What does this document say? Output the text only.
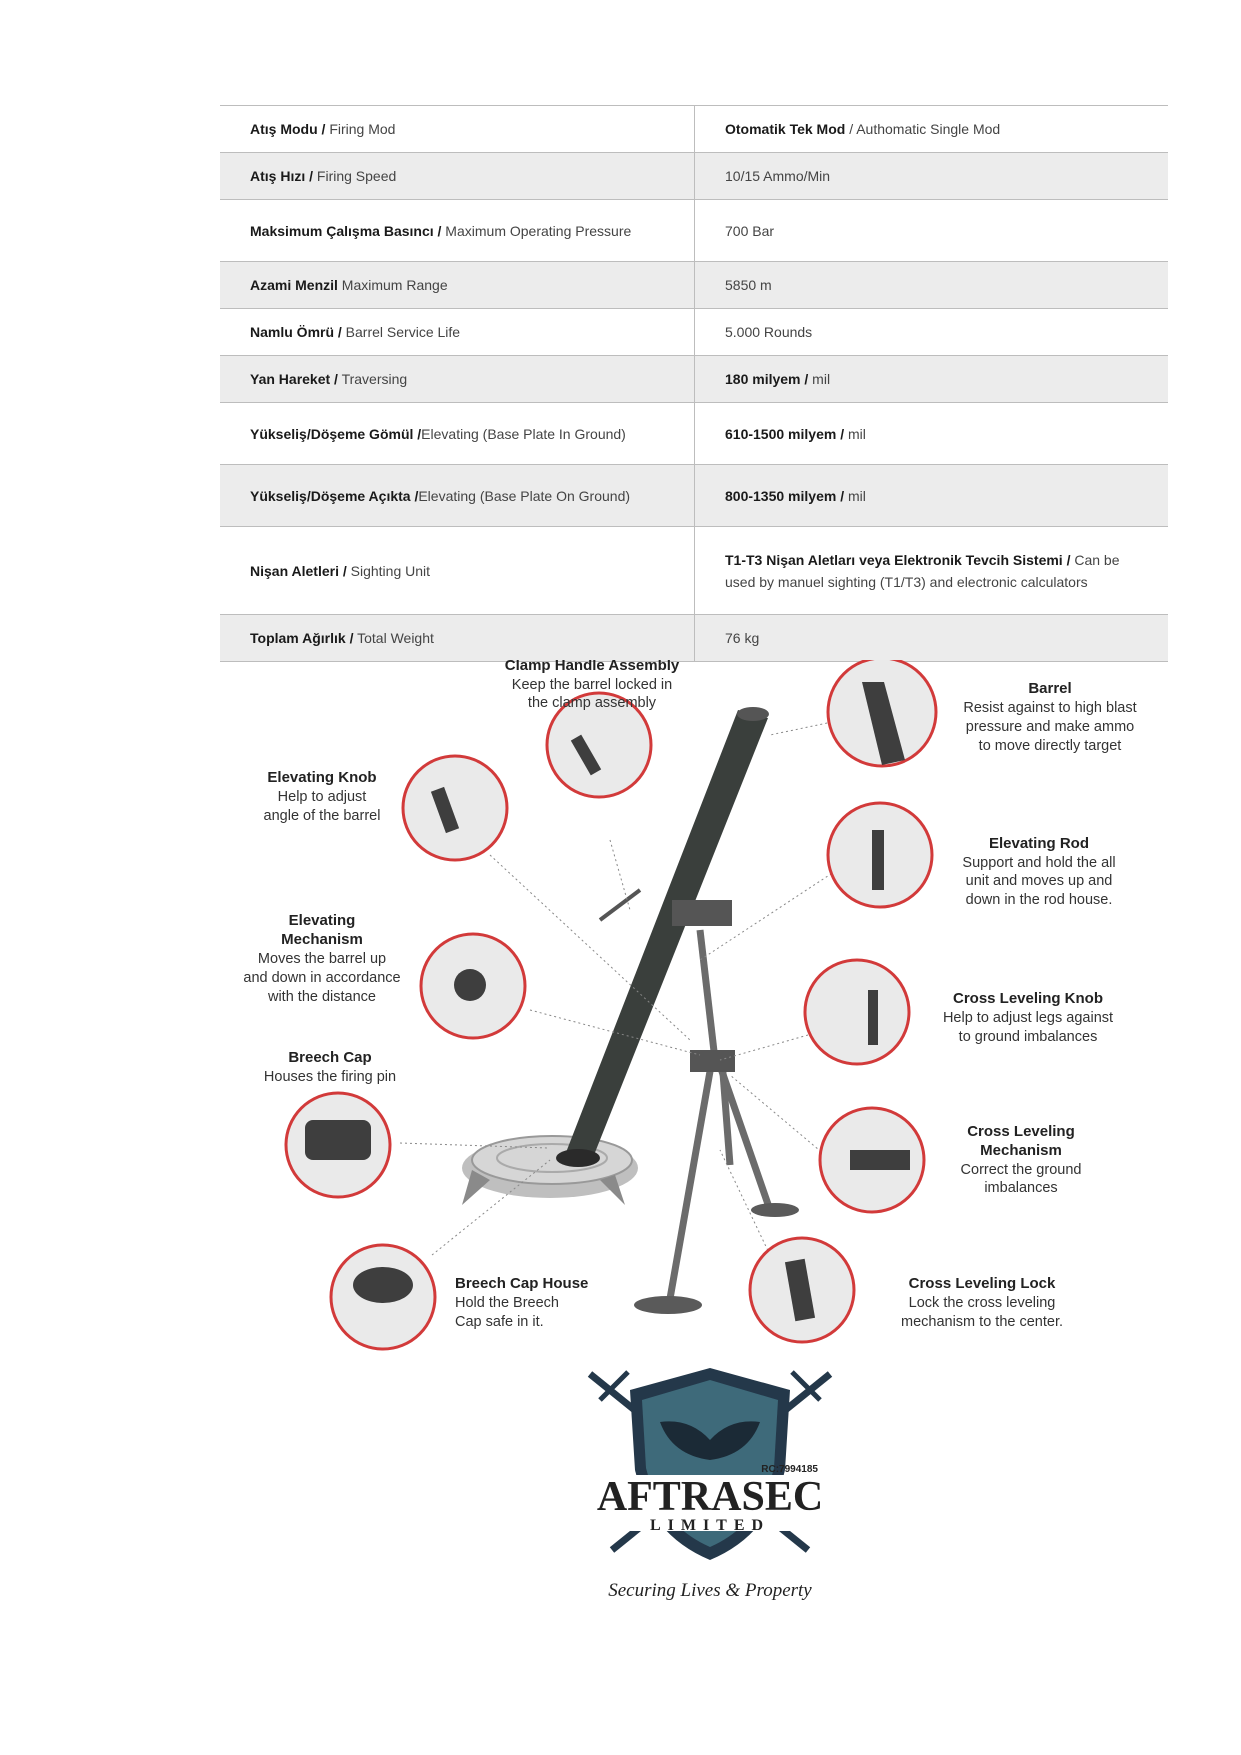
Atış Modu / Firing Mod	Otomatik Tek Mod / Authomatic Single Mod
Atış Hızı / Firing Speed	10/15 Ammo/Min
Maksimum Çalışma Basıncı / Maximum Operating Pressure	700 Bar
Azami Menzil Maximum Range	5850 m
Namlu Ömrü / Barrel Service Life	5.000 Rounds
Yan Hareket / Traversing	180 milyem / mil
Yükseliş/Döşeme Gömül /Elevating (Base Plate In Ground)	610-1500 milyem / mil
Yükseliş/Döşeme Açıkta /Elevating (Base Plate On Ground)	800-1350 milyem / mil
Nişan Aletleri / Sighting Unit	T1-T3 Nişan Aletları veya Elektronik Tevcih Sistemi / Can be used by manuel sighting (T1/T3) and electronic calculators
Toplam Ağırlık / Total Weight	76 kg
Clamp Handle Assembly
Keep the barrel locked in
the clamp assembly
Barrel
Resist against to high blast
pressure and make ammo
to move directly target
Elevating Knob
Help to adjust
angle of the barrel
Elevating Rod
Support and hold the all
unit and moves up and
down in the rod house.
Elevating
Mechanism
Moves the barrel up
and down in accordance
with the distance	Cross Leveling Knob
Help to adjust legs against
to ground imbalances
Breech Cap
Houses the firing pin
Cross Leveling
Mechanism
Correct the ground
imbalances
Breech Cap House
Hold the Breech
Cap safe in it.
Cross Leveling Lock
Lock the cross leveling
mechanism to the center.
RC:7994185
AFTRASEC
LIMITED
Securing Lives & Property
